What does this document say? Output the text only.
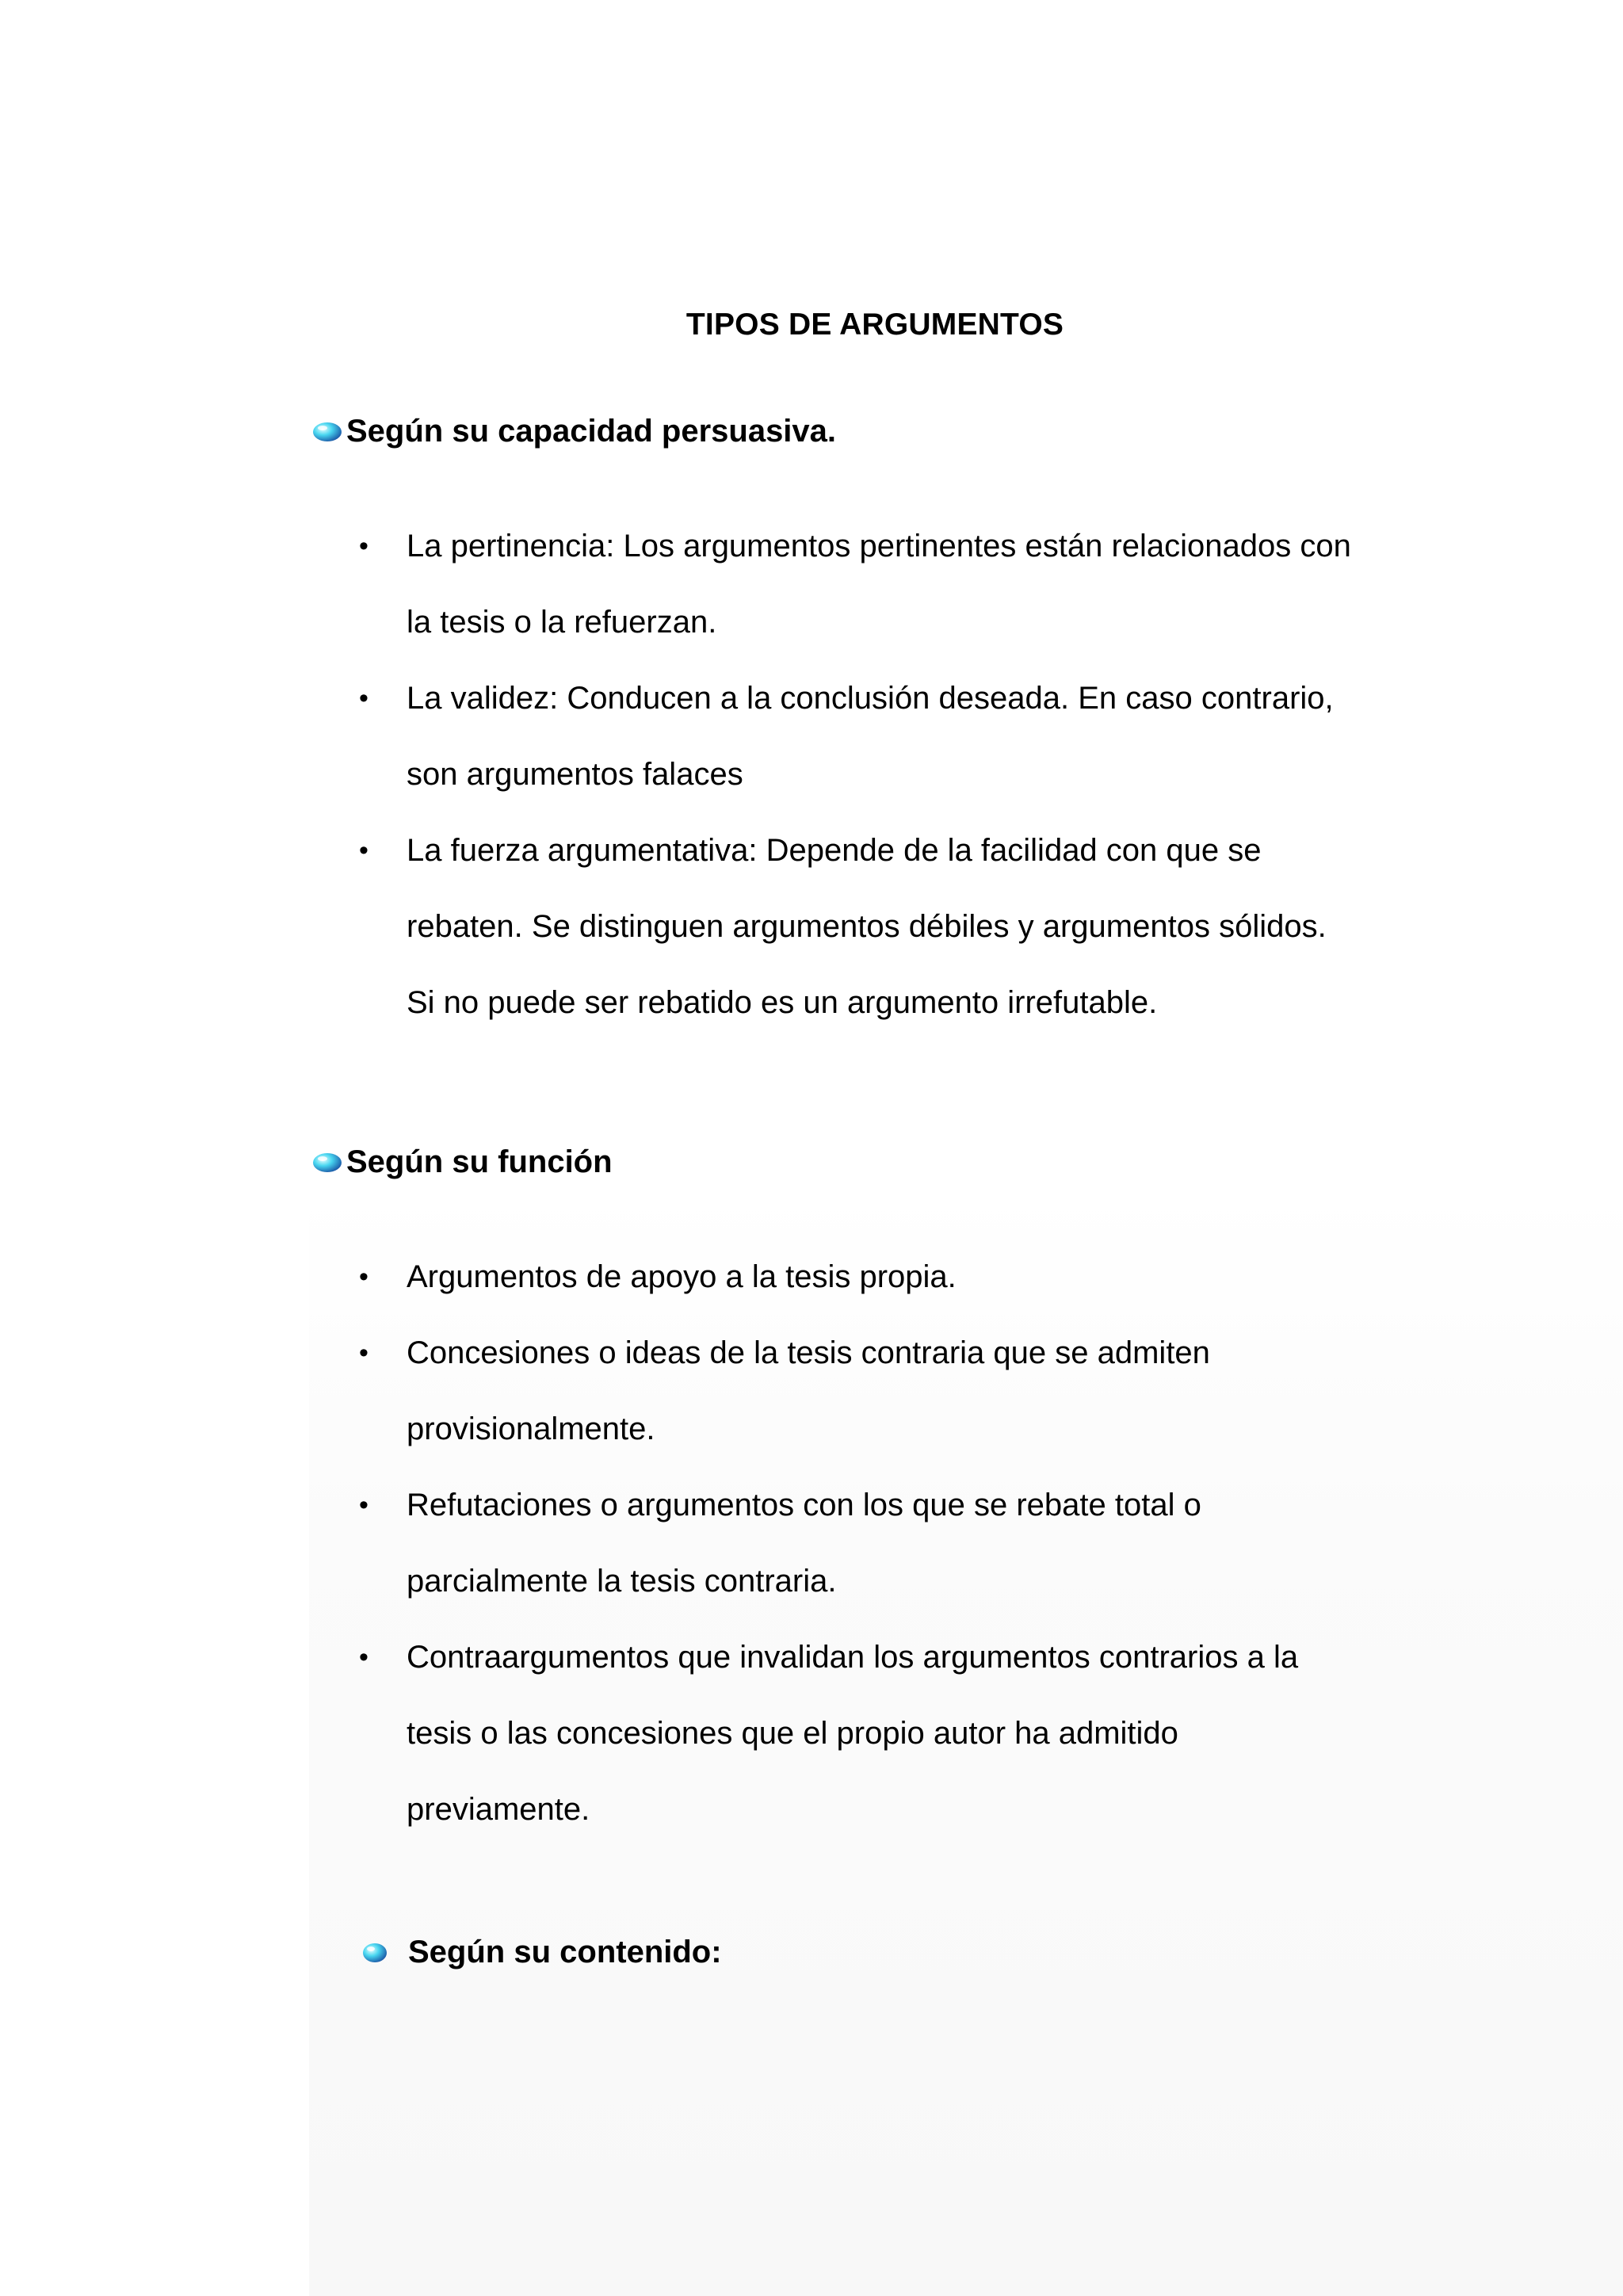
TIPOS DE ARGUMENTOS
Según su capacidad persuasiva.
• La pertinencia: Los argumentos pertinentes están relacionados con
la tesis o la refuerzan.
• La validez: Conducen a la conclusión deseada. En caso contrario,
son argumentos falaces
• La fuerza argumentativa: Depende de la facilidad con que se
rebaten. Se distinguen argumentos débiles y argumentos sólidos.
Si no puede ser rebatido es un argumento irrefutable.
Según su función
• Argumentos de apoyo a la tesis propia.
• Concesiones o ideas de la tesis contraria que se admiten
provisionalmente.
• Refutaciones o argumentos con los que se rebate total o
parcialmente la tesis contraria.
• Contraargumentos que invalidan los argumentos contrarios a la
tesis o las concesiones que el propio autor ha admitido
previamente.
Según su contenido:
